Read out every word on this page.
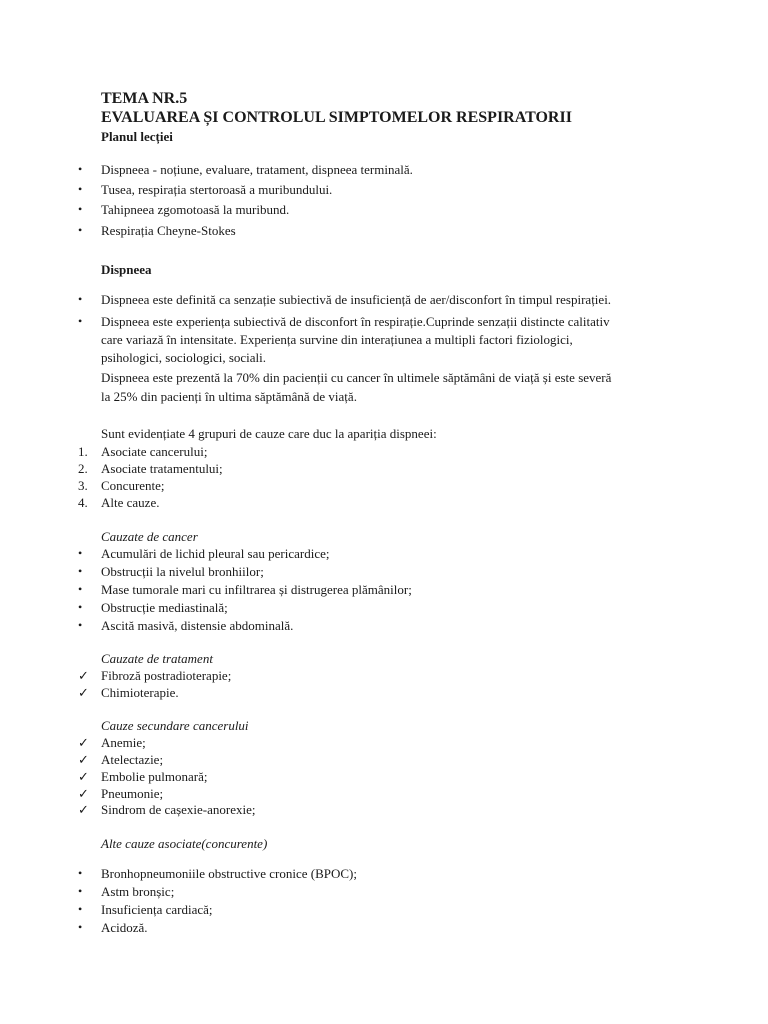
TEMA NR.5
EVALUAREA ȘI CONTROLUL SIMPTOMELOR RESPIRATORII
Planul lecției
• Dispneea - noțiune, evaluare, tratament, dispneea terminală.
• Tusea, respirația stertoroasă a muribundului.
• Tahipneea zgomotoasă la muribund.
• Respirația Cheyne-Stokes
Dispneea
• Dispneea este definită ca senzație subiectivă de insuficiență de aer/disconfort în timpul respirației.
• Dispneea este experiența subiectivă de disconfort în respirație.Cuprinde senzații distincte calitativ
care variază în intensitate. Experiența survine din interațiunea a multipli factori fiziologici,
psihologici, sociologici, sociali.
Dispneea este prezentă la 70% din pacienții cu cancer în ultimele săptămâni de viață și este severă
la 25% din pacienți în ultima săptămână de viață.
Sunt evidențiate 4 grupuri de cauze care duc la apariția dispneei:
1. Asociate cancerului;
2. Asociate tratamentului;
3. Concurente;
4. Alte cauze.
Cauzate de cancer
• Acumulări de lichid pleural sau pericardice;
• Obstrucții la nivelul bronhiilor;
• Mase tumorale mari cu infiltrarea și distrugerea plămânilor;
• Obstrucție mediastinală;
• Ascită masivă, distensie abdominală.
Cauzate de tratament
✓ Fibroză postradioterapie;
✓ Chimioterapie.
Cauze secundare cancerului
✓ Anemie;
✓ Atelectazie;
✓ Embolie pulmonară;
✓ Pneumonie;
✓ Sindrom de cașexie-anorexie;
Alte cauze asociate(concurente)
• Bronhopneumoniile obstructive cronice (BPOC);
• Astm bronșic;
• Insuficiența cardiacă;
• Acidoză.
